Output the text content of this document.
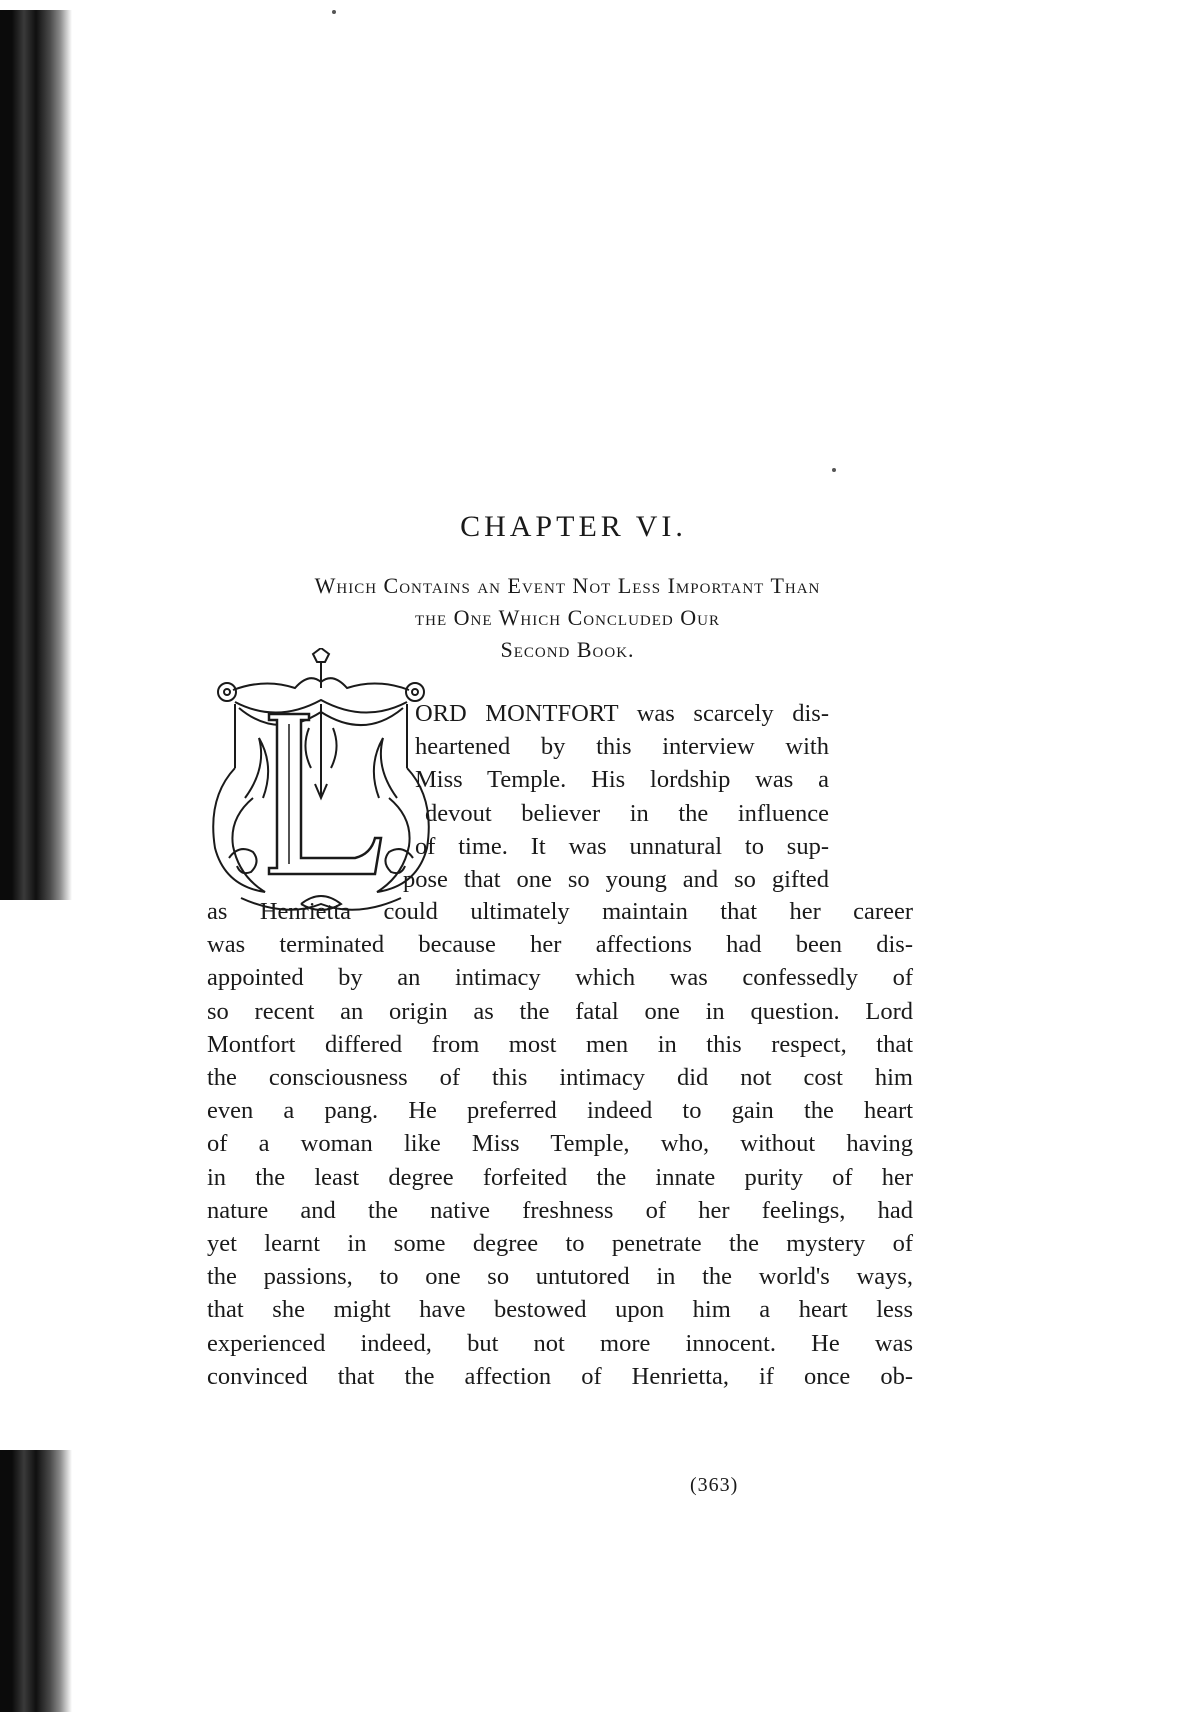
CHAPTER VI.
Which Contains an Event Not Less Important Than
the One Which Concluded Our
Second Book.
L
ORD MONTFORT was scarcely dis-
heartened by this interview with
Miss Temple. His lordship was a
devout believer in the influence
of time. It was unnatural to sup-
pose that one so young and so gifted
as Henrietta could ultimately maintain that her career
was terminated because her affections had been dis-
appointed by an intimacy which was confessedly of
so recent an origin as the fatal one in question. Lord
Montfort differed from most men in this respect, that
the consciousness of this intimacy did not cost him
even a pang. He preferred indeed to gain the heart
of a woman like Miss Temple, who, without having
in the least degree forfeited the innate purity of her
nature and the native freshness of her feelings, had
yet learnt in some degree to penetrate the mystery of
the passions, to one so untutored in the world's ways,
that she might have bestowed upon him a heart less
experienced indeed, but not more innocent. He was
convinced that the affection of Henrietta, if once ob-
(363)
